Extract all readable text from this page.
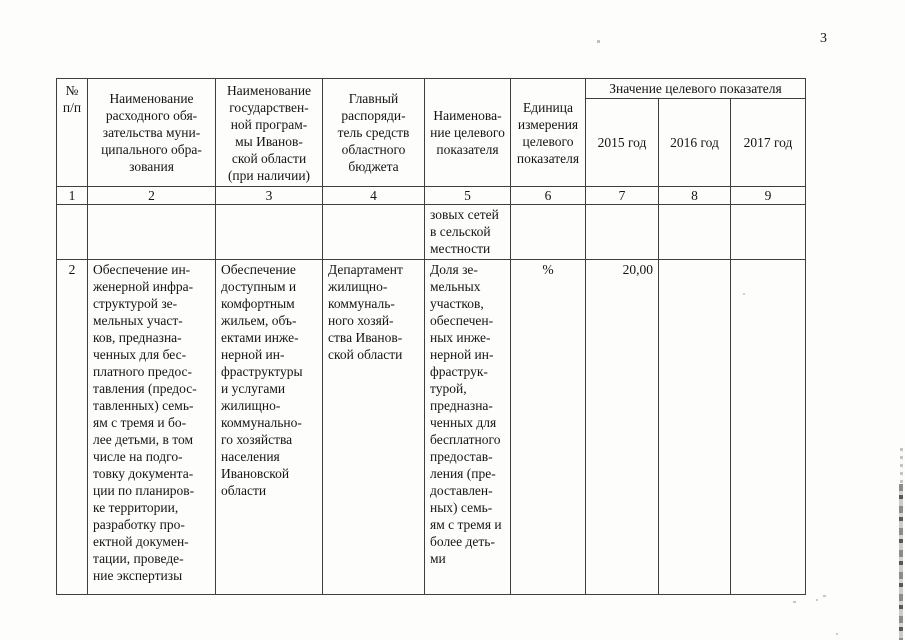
3
№
п/п	Наименование
расходного обя-
зательства муни-
ципального обра-
зования	Наименование
государствен-
ной програм-
мы Иванов-
ской области
(при наличии)	Главный
распоряди-
тель средств
областного
бюджета	Наименова-
ние целевого
показателя	Единица
измерения
целевого
показателя	Значение целевого показателя
						2015 год	2016 год	2017 год
1	2	3	4	5	6	7	8	9
				зовых сетей
в сельской
местности				
2	Обеспечение ин-
женерной инфра-
структурой зе-
мельных участ-
ков, предназна-
ченных для бес-
платного предос-
тавления (предос-
тавленных) семь-
ям с тремя и бо-
лее детьми, в том
числе на подго-
товку документа-
ции по планиров-
ке территории,
разработку про-
ектной докумен-
тации, проведе-
ние экспертизы	Обеспечение
доступным и
комфортным
жильем, объ-
ектами инже-
нерной ин-
фраструктуры
и услугами
жилищно-
коммунально-
го хозяйства
населения
Ивановской
области	Департамент
жилищно-
коммуналь-
ного хозяй-
ства Иванов-
ской области	Доля зе-
мельных
участков,
обеспечен-
ных инже-
нерной ин-
фраструк-
турой,
предназна-
ченных для
бесплатного
предостав-
ления (пре-
доставлен-
ных) семь-
ям с тремя и
более деть-
ми	%	20,00		
